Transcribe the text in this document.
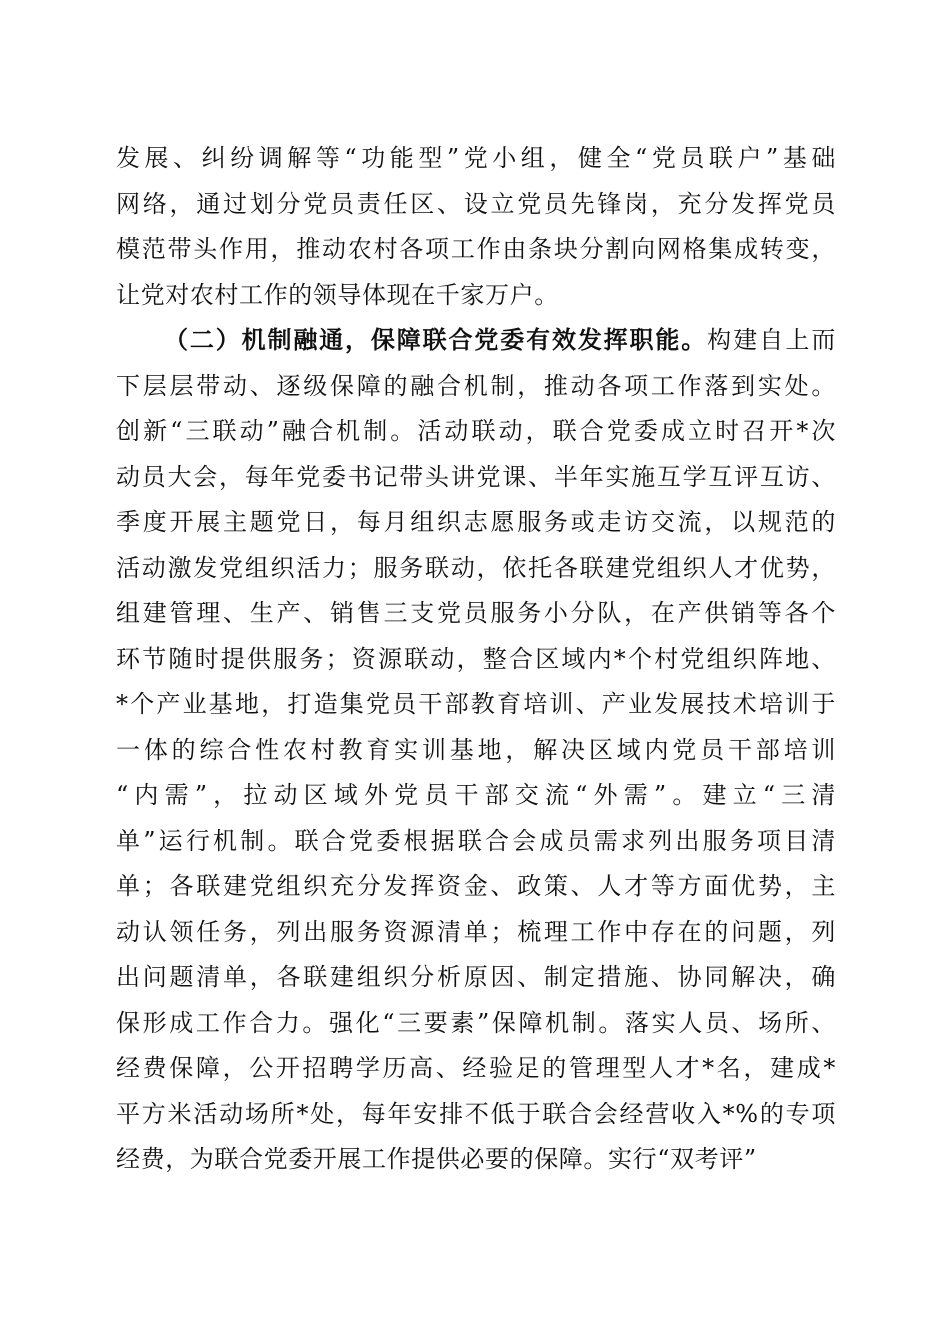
发展、纠纷调解等“功能型”党小组，健全“党员联户”基础
网络，通过划分党员责任区、设立党员先锋岗，充分发挥党员
模范带头作用，推动农村各项工作由条块分割向网格集成转变，
让党对农村工作的领导体现在千家万户。
（二）机制融通，保障联合党委有效发挥职能。构建自上而
下层层带动、逐级保障的融合机制，推动各项工作落到实处。
创新“三联动”融合机制。活动联动，联合党委成立时召开*次
动员大会，每年党委书记带头讲党课、半年实施互学互评互访、
季度开展主题党日，每月组织志愿服务或走访交流，以规范的
活动激发党组织活力；服务联动，依托各联建党组织人才优势，
组建管理、生产、销售三支党员服务小分队，在产供销等各个
环节随时提供服务；资源联动，整合区域内*个村党组织阵地、
*个产业基地，打造集党员干部教育培训、产业发展技术培训于
一体的综合性农村教育实训基地，解决区域内党员干部培训
“内需”，拉动区域外党员干部交流“外需”。建立“三清
单”运行机制。联合党委根据联合会成员需求列出服务项目清
单；各联建党组织充分发挥资金、政策、人才等方面优势，主
动认领任务，列出服务资源清单；梳理工作中存在的问题，列
出问题清单，各联建组织分析原因、制定措施、协同解决，确
保形成工作合力。强化“三要素”保障机制。落实人员、场所、
经费保障，公开招聘学历高、经验足的管理型人才*名，建成*
平方米活动场所*处，每年安排不低于联合会经营收入*%的专项
经费，为联合党委开展工作提供必要的保障。实行“双考评”
